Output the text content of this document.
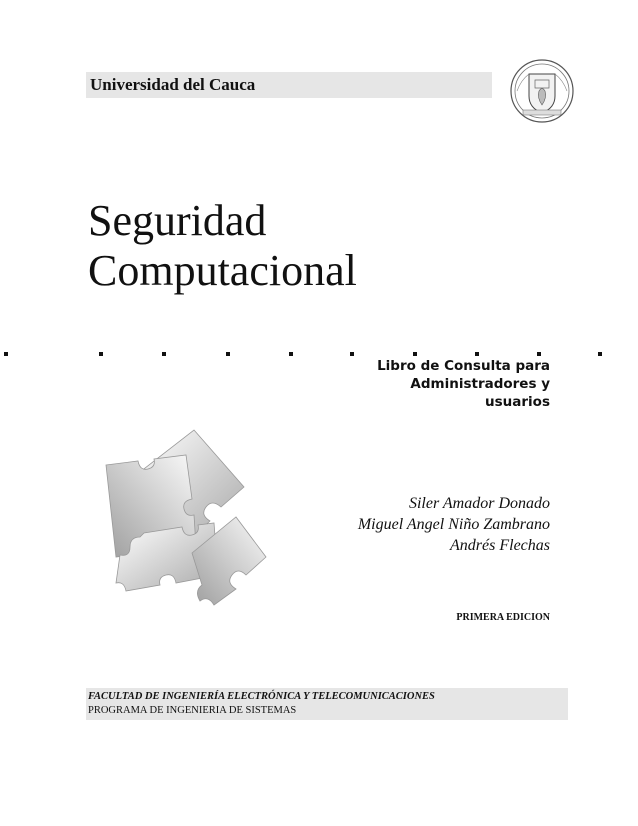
Universidad del Cauca
Seguridad
Computacional
Libro de Consulta para
Administradores y
usuarios
Siler Amador Donado
Miguel Angel Niño Zambrano
Andrés Flechas
PRIMERA EDICION
FACULTAD DE INGENIERÍA ELECTRÓNICA Y TELECOMUNICACIONES
PROGRAMA DE INGENIERIA DE SISTEMAS
